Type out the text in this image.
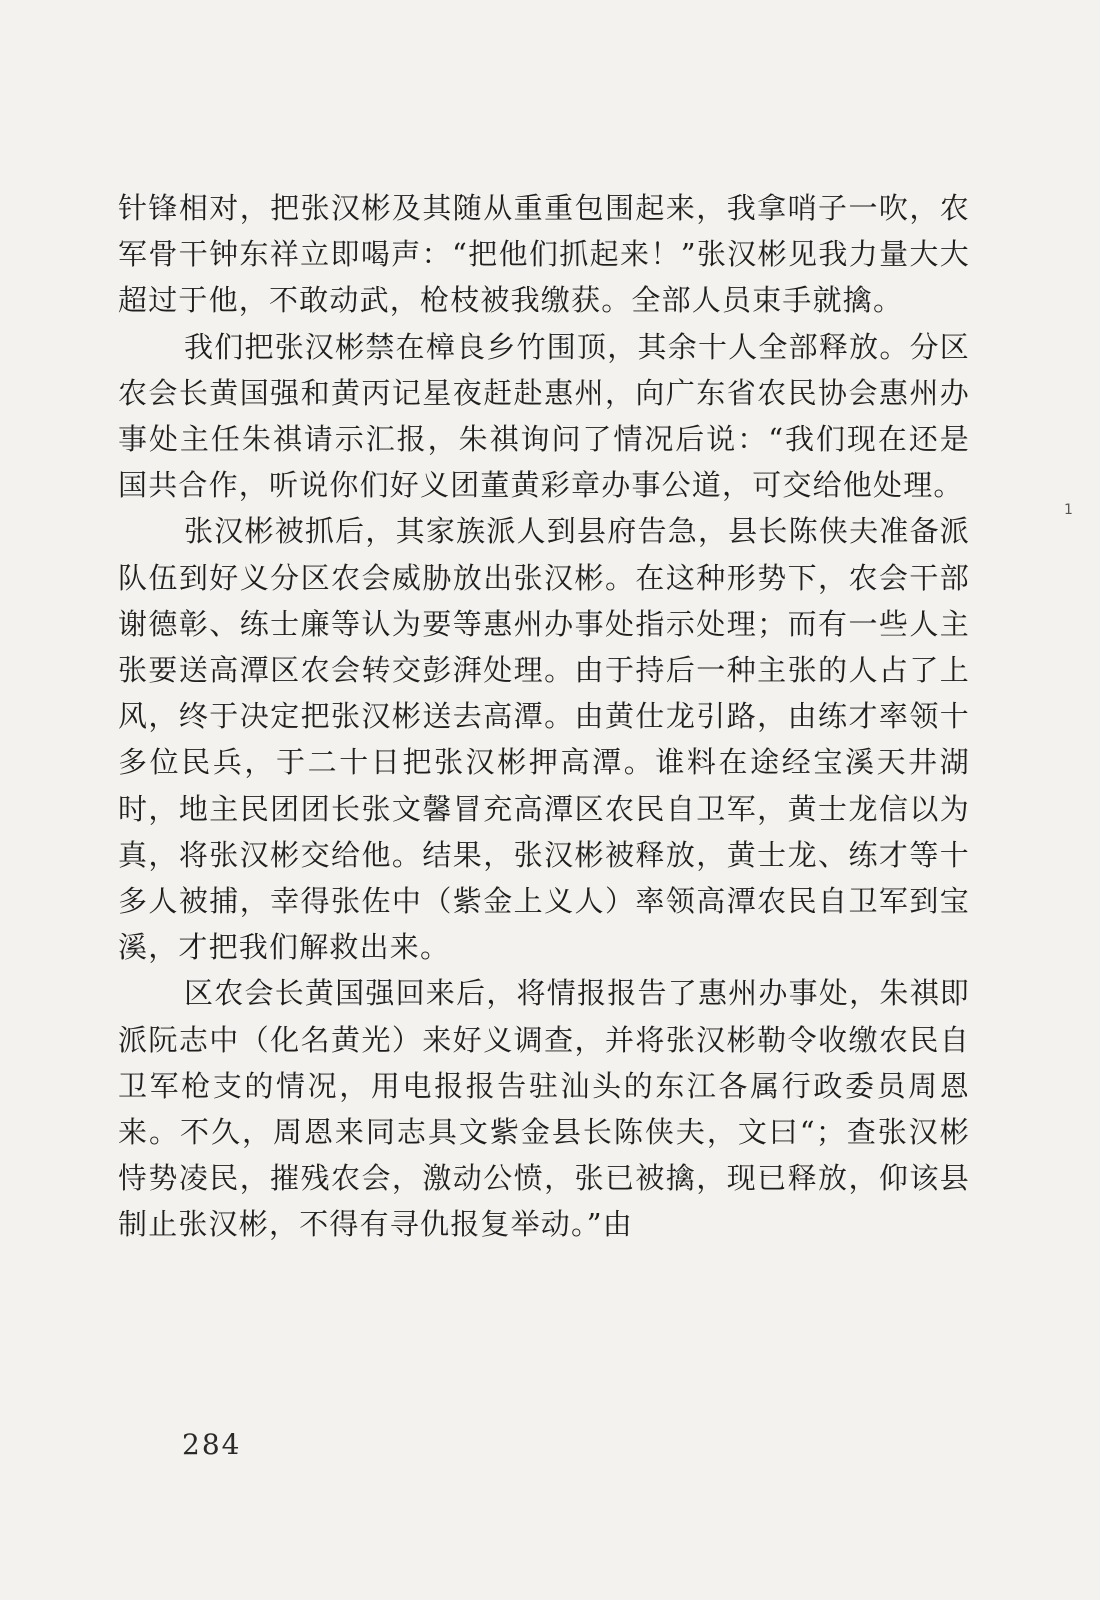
针锋相对，把张汉彬及其随从重重包围起来，我拿哨子一吹，农军骨干钟东祥立即喝声：“把他们抓起来！”张汉彬见我力量大大超过于他，不敢动武，枪枝被我缴获。全部人员束手就擒。

我们把张汉彬禁在樟良乡竹围顶，其余十人全部释放。分区农会长黄国强和黄丙记星夜赶赴惠州，向广东省农民协会惠州办事处主任朱祺请示汇报，朱祺询问了情况后说：“我们现在还是国共合作，听说你们好义团董黄彩章办事公道，可交给他处理。

张汉彬被抓后，其家族派人到县府告急，县长陈侠夫准备派队伍到好义分区农会威胁放出张汉彬。在这种形势下，农会干部谢德彰、练士廉等认为要等惠州办事处指示处理；而有一些人主张要送高潭区农会转交彭湃处理。由于持后一种主张的人占了上风，终于决定把张汉彬送去高潭。由黄仕龙引路，由练才率领十多位民兵，于二十日把张汉彬押高潭。谁料在途经宝溪天井湖时，地主民团团长张文馨冒充高潭区农民自卫军，黄士龙信以为真，将张汉彬交给他。结果，张汉彬被释放，黄士龙、练才等十多人被捕，幸得张佐中（紫金上义人）率领高潭农民自卫军到宝溪，才把我们解救出来。

区农会长黄国强回来后，将情报报告了惠州办事处，朱祺即派阮志中（化名黄光）来好义调查，并将张汉彬勒令收缴农民自卫军枪支的情况，用电报报告驻汕头的东江各属行政委员周恩来。不久，周恩来同志具文紫金县长陈侠夫，文曰“；查张汉彬恃势凌民，摧残农会，激动公愤，张已被擒，现已释放，仰该县制止张汉彬，不得有寻仇报复举动。”由

284
1
